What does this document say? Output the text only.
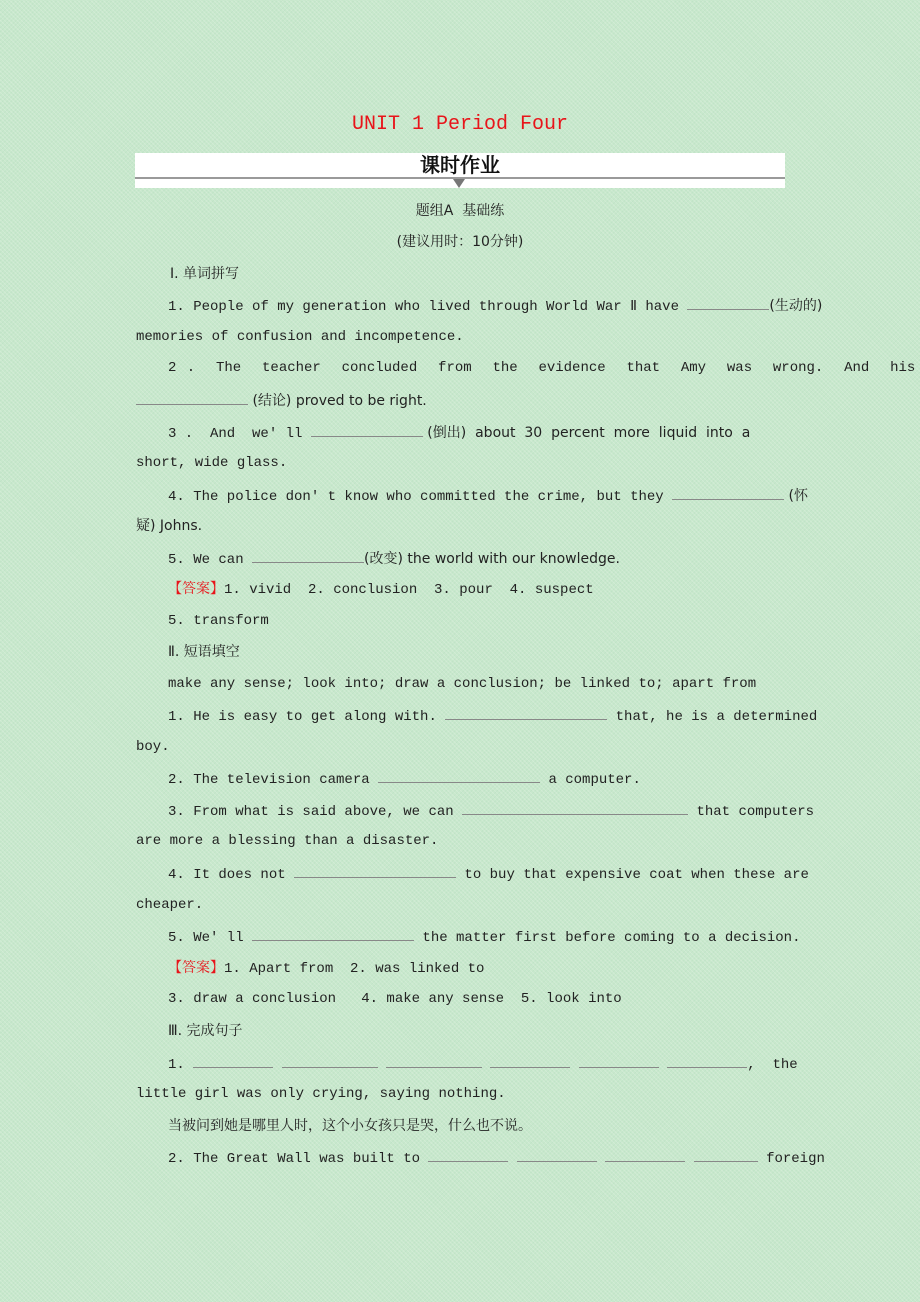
UNIT 1 Period Four
课时作业
题组A  基础练
(建议用时：10分钟)
Ⅰ. 单词拼写
1. People of my generation who lived through World War Ⅱ have	(生动的)
memories of confusion and incompetence.
2 .  The  teacher  concluded  from  the  evidence  that  Amy  was  wrong.  And  his
(结论) proved to be right.
3 .  And  we' ll	(倒出)  about  30  percent  more  liquid  into  a
short, wide glass.
4. The police don' t know who committed the crime, but they	(怀
疑) Johns.
5. We can	(改变) the world with our knowledge.
【答案】1. vivid  2. conclusion  3. pour  4. suspect
5. transform
Ⅱ. 短语填空
make any sense; look into; draw a conclusion; be linked to; apart from
1. He is easy to get along with.	that, he is a determined
boy.
2. The television camera	a computer.
3. From what is said above, we can	that computers
are more a blessing than a disaster.
4. It does not	to buy that expensive coat when these are
cheaper.
5. We' ll	the matter first before coming to a decision.
【答案】1. Apart from  2. was linked to
3. draw a conclusion   4. make any sense  5. look into
Ⅲ. 完成句子
1.	,  the
little girl was only crying, saying nothing.
当被问到她是哪里人时，这个小女孩只是哭，什么也不说。
2. The Great Wall was built to	foreign
